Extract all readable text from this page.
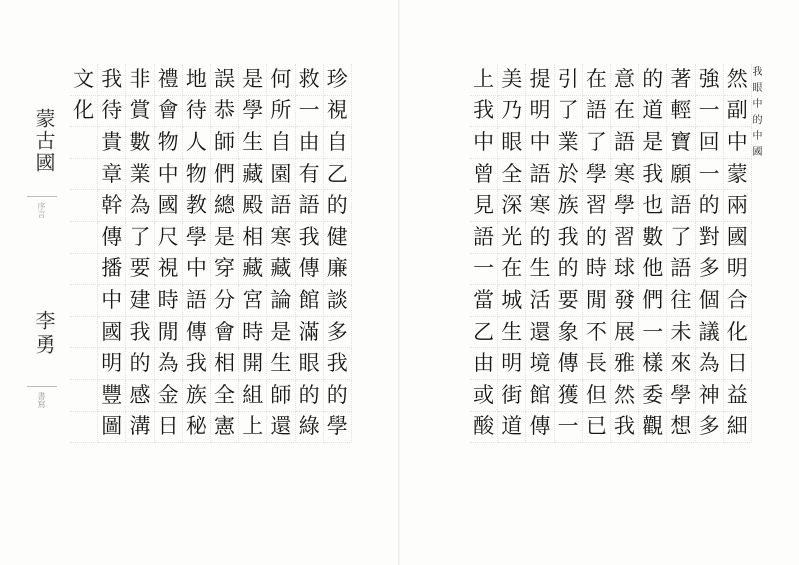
蒙古國
序言
李勇
書寫
文 我 非 禮 地 誤 是 何 救 珍
化 待 賞 會 待 恭 學 所 一 視
貴 數 物 人 師 生 自 由 自
章 業 中 物 們 藏 園 有 乙
幹 為 國 教 總 殿 語 語 的
傳 了 尺 學 是 相 寒 我 健
播 要 視 中 穿 藏 藏 傳 廉
中 建 時 語 分 宮 論 館 談
國 我 閒 傳 會 時 是 滿 多
明 的 為 我 相 開 生 眼 我
豐 感 金 族 全 組 師 的 的
圖 溝 日 秘 憲 上 還 綠 學
上 美 提 引 在 意 的 著 強 然
我 乃 明 了 語 在 道 輕 一 副
中 眼 中 業 了 語 是 寶 回 中
曾 全 語 於 學 寒 我 願 一 蒙
見 深 寒 族 習 學 也 語 的 兩
語 光 的 我 的 習 數 了 對 國
一 在 生 的 時 球 他 語 多 明
當 城 活 要 閒 發 們 往 個 合
乙 生 還 象 不 展 一 未 議 化
由 明 境 傳 長 雅 樣 來 為 日
或 街 館 獲 但 然 委 學 神 益
酸 道 傳 一 已 我 觀 想 多 細
我眼中的中國
